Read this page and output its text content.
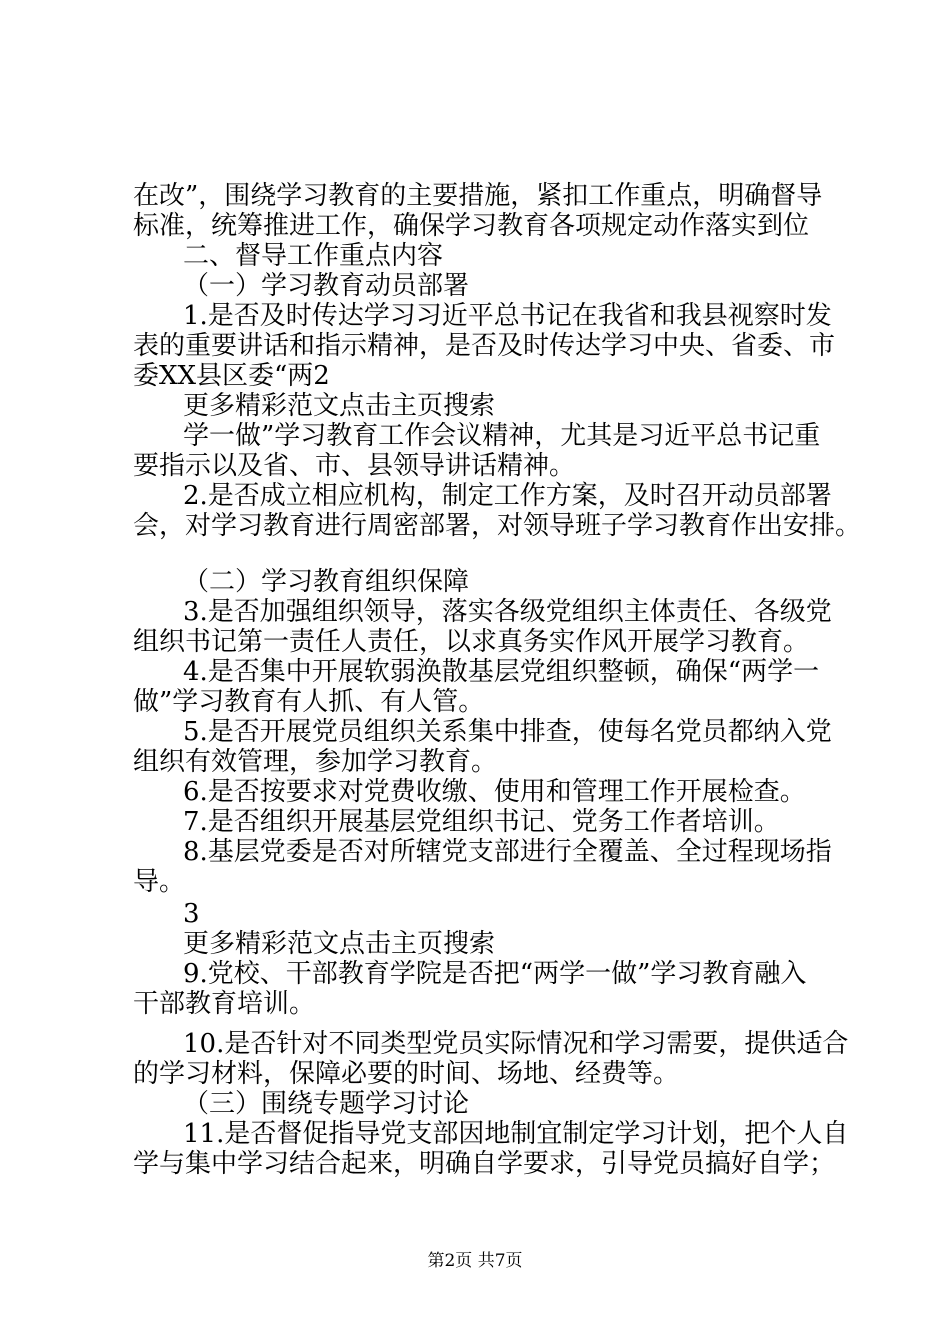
在改”，围绕学习教育的主要措施，紧扣工作重点，明确督导
标准，统筹推进工作，确保学习教育各项规定动作落实到位
二、督导工作重点内容
（一）学习教育动员部署
1.是否及时传达学习习近平总书记在我省和我县视察时发
表的重要讲话和指示精神，是否及时传达学习中央、省委、市
委XX县区委“两2
更多精彩范文点击主页搜索
学一做”学习教育工作会议精神，尤其是习近平总书记重
要指示以及省、市、县领导讲话精神。
2.是否成立相应机构，制定工作方案，及时召开动员部署
会，对学习教育进行周密部署，对领导班子学习教育作出安排。
（二）学习教育组织保障
3.是否加强组织领导，落实各级党组织主体责任、各级党
组织书记第一责任人责任，以求真务实作风开展学习教育。
4.是否集中开展软弱涣散基层党组织整顿，确保“两学一
做”学习教育有人抓、有人管。
5.是否开展党员组织关系集中排查，使每名党员都纳入党
组织有效管理，参加学习教育。
6.是否按要求对党费收缴、使用和管理工作开展检查。
7.是否组织开展基层党组织书记、党务工作者培训。
8.基层党委是否对所辖党支部进行全覆盖、全过程现场指
导。
3
更多精彩范文点击主页搜索
9.党校、干部教育学院是否把“两学一做”学习教育融入
干部教育培训。
10.是否针对不同类型党员实际情况和学习需要，提供适合
的学习材料，保障必要的时间、场地、经费等。
（三）围绕专题学习讨论
11.是否督促指导党支部因地制宜制定学习计划，把个人自
学与集中学习结合起来，明确自学要求，引导党员搞好自学；
第2页 共7页
